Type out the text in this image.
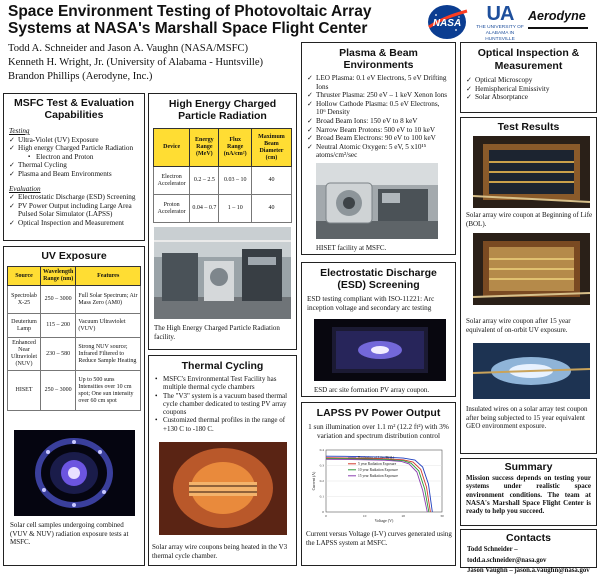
Space Environment Testing of Photovoltaic Array Systems at NASA's Marshall Space Flight Center
Todd A. Schneider and Jason A. Vaughn (NASA/MSFC)
Kenneth H. Wright, Jr. (University of Alabama - Huntsville)
Brandon Phillips (Aerodyne, Inc.)
NASA	UA
THE UNIVERSITY OF
ALABAMA IN HUNTSVILLE
Aerodyne
MSFC Test & Evaluation Capabilities
Testing
✓ Ultra-Violet (UV) Exposure
✓ High energy Charged Particle Radiation
▪ Electron and Proton
✓ Thermal Cycling
✓ Plasma and Beam Environments
Evaluation
✓ Electrostatic Discharge (ESD) Screening
✓ PV Power Output including Large Area Pulsed Solar Simulator (LAPSS)
✓ Optical Inspection and Measurement
UV Exposure
Source	Wavelength Range (nm)	Features
Spectrolab X-25	250 – 3000	Full Solar Spectrum; Air Mass Zero (AM0)
Deuterium Lamp	115 – 200	Vacuum Ultraviolet (VUV)
Enhanced Near Ultraviolet (NUV)	230 – 580	Strong NUV source; Infrared Filtered to Reduce Sample Heating
HISET	250 – 3000	Up to 500 suns Intensities over 10 cm spot; One sun intensity over 60 cm spot
Solar cell samples undergoing combined (VUV & NUV) radiation exposure tests at MSFC.
High Energy Charged Particle Radiation
Device	Energy Range (MeV)	Flux Range (nA/cm²)	Maximum Beam Diameter (cm)
Electron Accelerator	0.2 – 2.5	0.03 – 10	40
Proton Accelerator	0.04 – 0.7	1 – 10	40
The High Energy Charged Particle Radiation facility.
Thermal Cycling
• MSFC's Environmental Test Facility has multiple thermal cycle chambers
• The "V3" system is a vacuum based thermal cycle chamber dedicated to testing PV array coupons
• Customized thermal profiles in the range of +130 C to -180 C.
Solar array wire coupons being heated in the V3 thermal cycle chamber.
Plasma & Beam Environments
✓ LEO Plasma: 0.1 eV Electrons, 5 eV Drifting Ions
✓ Thruster Plasma: 250 eV – 1 keV Xenon Ions
✓ Hollow Cathode Plasma: 0.5 eV Electrons, 10⁶ Density
✓ Broad Beam Ions: 150 eV to 8 keV
✓ Narrow Beam Protons: 500 eV to 10 keV
✓ Broad Beam Electrons: 90 eV to 100 keV
✓ Neutral Atomic Oxygen: 5 eV, 5 x10¹⁵ atoms/cm²/sec
HISET facility at MSFC.
Electrostatic Discharge (ESD) Screening
ESD testing compliant with ISO-11221: Arc inception voltage and secondary arc testing
ESD arc site formation PV array coupon.
LAPSS PV Power Output
1 sun illumination over 1.1 m² (12.2 ft²) with 3% variation and spectrum distribution control
0	10	20	30
0
0.1
0.2
0.3
0.4
Voltage (V)
Current (A)
Beginning of Life (BOL)
5 year Radiation Exposure
10 year Radiation Exposure
15 year Radiation Exposure
Current versus Voltage (I-V) curves generated using the LAPSS system at MSFC.
Optical Inspection & Measurement
✓ Optical Microscopy
✓ Hemispherical Emissivity
✓ Solar Absorptance
Test Results
Solar array wire coupon at Beginning of Life (BOL).
Solar array wire coupon after 15 year equivalent of on-orbit UV exposure.
Insulated wires on a solar array test coupon after being subjected to 15 year equivalent GEO environment exposure.
Summary
Mission success depends on testing your systems under realistic space environment conditions. The team at NASA's Marshall Space Flight Center is ready to help you succeed.
Contacts
Todd Schneider – todd.a.schneider@nasa.gov
Jason Vaughn – jason.a.vaughn@nasa.gov
